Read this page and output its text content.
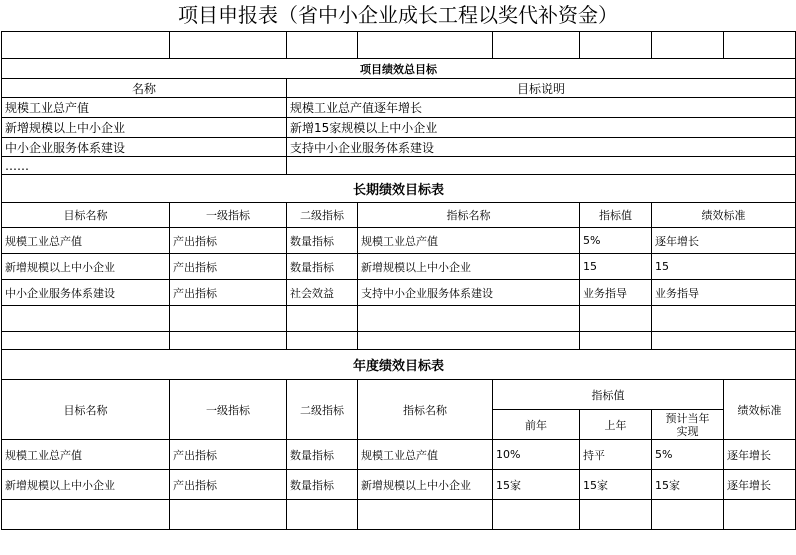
项目申报表（省中小企业成长工程以奖代补资金）

项目绩效总目标							
名称		目标说明					
规模工业总产值		规模工业总产值逐年增长					
新增规模以上中小企业		新增15家规模以上中小企业					
中小企业服务体系建设		支持中小企业服务体系建设					
……							
长期绩效目标表							
目标名称	一级指标	二级指标	指标名称		指标值	绩效标准	
规模工业总产值	产出指标	数量指标	规模工业总产值		5%	逐年增长	
新增规模以上中小企业	产出指标	数量指标	新增规模以上中小企业		15	15	
中小企业服务体系建设	产出指标	社会效益	支持中小企业服务体系建设		业务指导	业务指导	

年度绩效目标表							
目标名称	一级指标	二级指标	指标名称	指标值			绩效标准
				前年	上年	预计当年
实现	
规模工业总产值	产出指标	数量指标	规模工业总产值	10%	持平	5%	逐年增长
新增规模以上中小企业	产出指标	数量指标	新增规模以上中小企业	15家	15家	15家	逐年增长
